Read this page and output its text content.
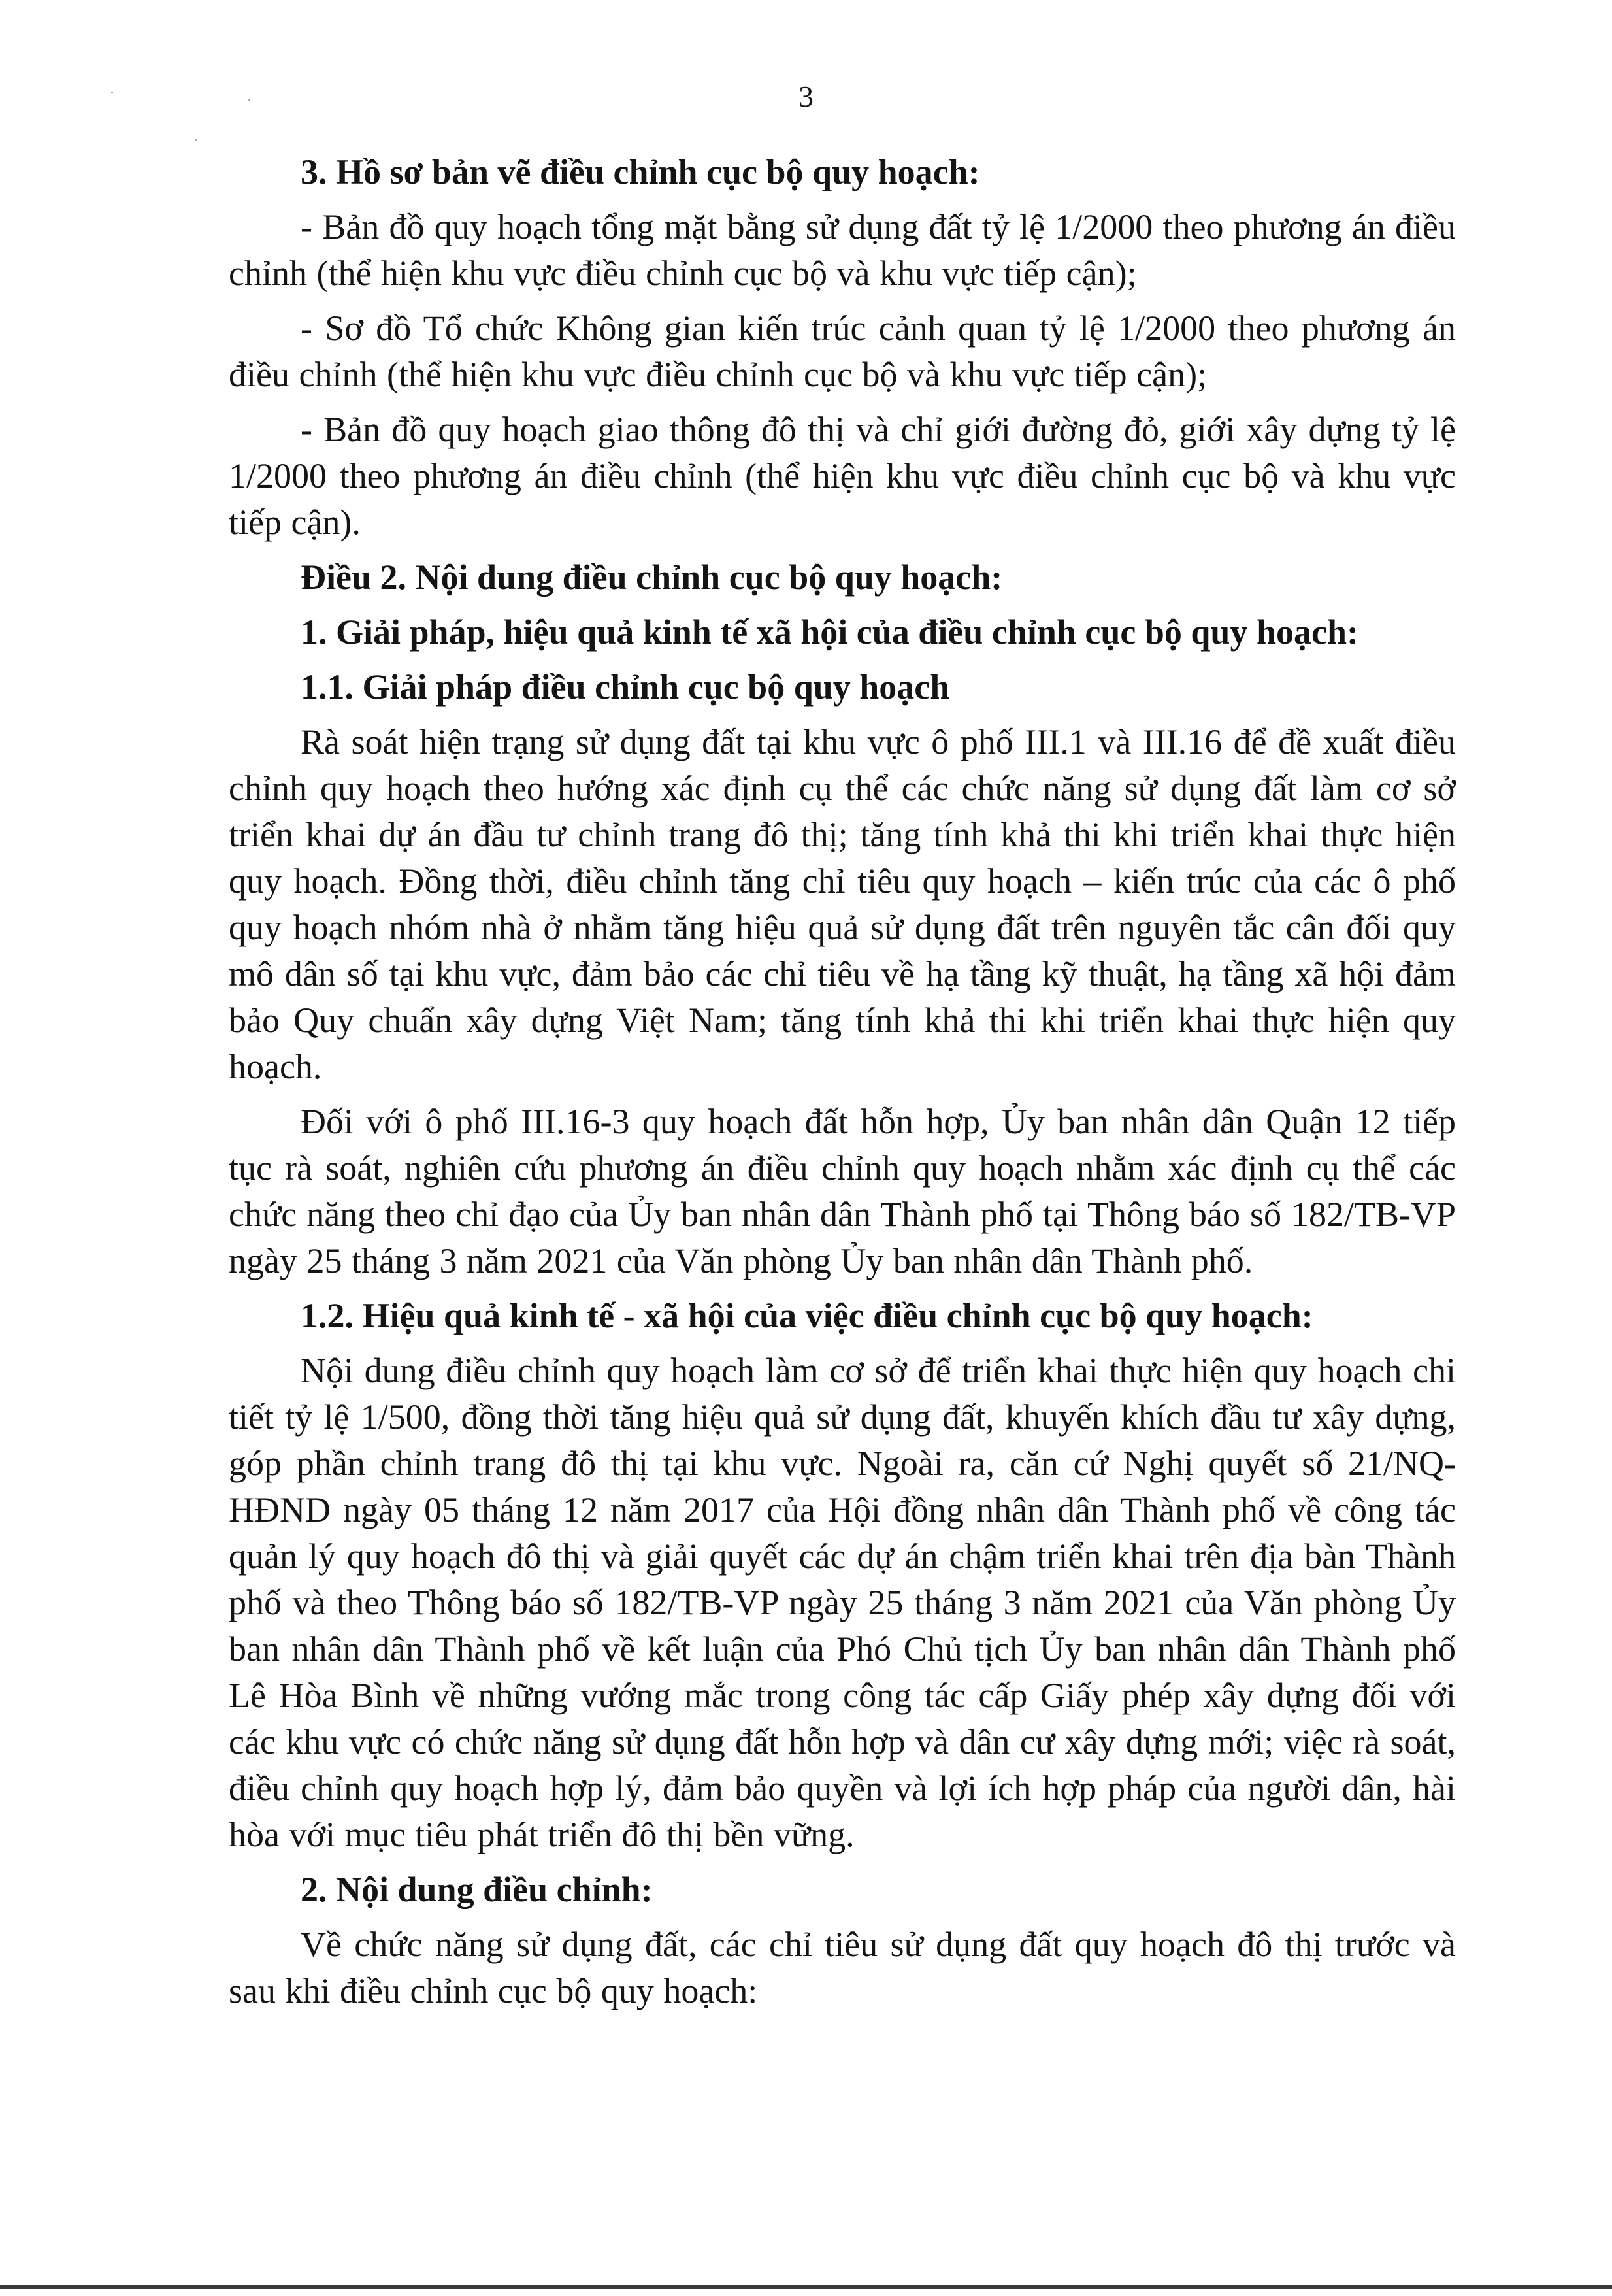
3

3. Hồ sơ bản vẽ điều chỉnh cục bộ quy hoạch:

- Bản đồ quy hoạch tổng mặt bằng sử dụng đất tỷ lệ 1/2000 theo phương án điều chỉnh (thể hiện khu vực điều chỉnh cục bộ và khu vực tiếp cận);

- Sơ đồ Tổ chức Không gian kiến trúc cảnh quan tỷ lệ 1/2000 theo phương án điều chỉnh (thể hiện khu vực điều chỉnh cục bộ và khu vực tiếp cận);

- Bản đồ quy hoạch giao thông đô thị và chỉ giới đường đỏ, giới xây dựng tỷ lệ 1/2000 theo phương án điều chỉnh (thể hiện khu vực điều chỉnh cục bộ và khu vực tiếp cận).

Điều 2. Nội dung điều chỉnh cục bộ quy hoạch:

1. Giải pháp, hiệu quả kinh tế xã hội của điều chỉnh cục bộ quy hoạch:

1.1. Giải pháp điều chỉnh cục bộ quy hoạch

Rà soát hiện trạng sử dụng đất tại khu vực ô phố III.1 và III.16 để đề xuất điều chỉnh quy hoạch theo hướng xác định cụ thể các chức năng sử dụng đất làm cơ sở triển khai dự án đầu tư chỉnh trang đô thị; tăng tính khả thi khi triển khai thực hiện quy hoạch. Đồng thời, điều chỉnh tăng chỉ tiêu quy hoạch – kiến trúc của các ô phố quy hoạch nhóm nhà ở nhằm tăng hiệu quả sử dụng đất trên nguyên tắc cân đối quy mô dân số tại khu vực, đảm bảo các chỉ tiêu về hạ tầng kỹ thuật, hạ tầng xã hội đảm bảo Quy chuẩn xây dựng Việt Nam; tăng tính khả thi khi triển khai thực hiện quy hoạch.

Đối với ô phố III.16-3 quy hoạch đất hỗn hợp, Ủy ban nhân dân Quận 12 tiếp tục rà soát, nghiên cứu phương án điều chỉnh quy hoạch nhằm xác định cụ thể các chức năng theo chỉ đạo của Ủy ban nhân dân Thành phố tại Thông báo số 182/TB-VP ngày 25 tháng 3 năm 2021 của Văn phòng Ủy ban nhân dân Thành phố.

1.2. Hiệu quả kinh tế - xã hội của việc điều chỉnh cục bộ quy hoạch:

Nội dung điều chỉnh quy hoạch làm cơ sở để triển khai thực hiện quy hoạch chi tiết tỷ lệ 1/500, đồng thời tăng hiệu quả sử dụng đất, khuyến khích đầu tư xây dựng, góp phần chỉnh trang đô thị tại khu vực. Ngoài ra, căn cứ Nghị quyết số 21/NQ-HĐND ngày 05 tháng 12 năm 2017 của Hội đồng nhân dân Thành phố về công tác quản lý quy hoạch đô thị và giải quyết các dự án chậm triển khai trên địa bàn Thành phố và theo Thông báo số 182/TB-VP ngày 25 tháng 3 năm 2021 của Văn phòng Ủy ban nhân dân Thành phố về kết luận của Phó Chủ tịch Ủy ban nhân dân Thành phố Lê Hòa Bình về những vướng mắc trong công tác cấp Giấy phép xây dựng đối với các khu vực có chức năng sử dụng đất hỗn hợp và dân cư xây dựng mới; việc rà soát, điều chỉnh quy hoạch hợp lý, đảm bảo quyền và lợi ích hợp pháp của người dân, hài hòa với mục tiêu phát triển đô thị bền vững.

2. Nội dung điều chỉnh:

Về chức năng sử dụng đất, các chỉ tiêu sử dụng đất quy hoạch đô thị trước và sau khi điều chỉnh cục bộ quy hoạch:
